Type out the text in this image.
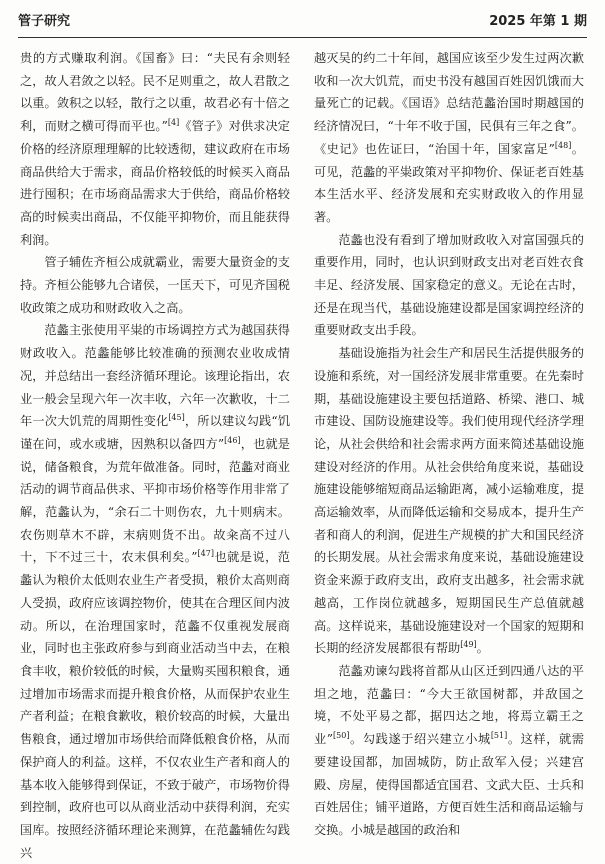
管子研究	2025 年第 1 期

贵的方式赚取利润。《国畜》曰：“夫民有余则轻之，故人君敛之以轻。民不足则重之，故人君散之以重。敛积之以轻，散行之以重，故君必有十倍之利，而财之横可得而平也。”[4]《管子》对供求决定价格的经济原理理解的比较透彻，建议政府在市场商品供给大于需求，商品价格较低的时候买入商品进行囤积；在市场商品需求大于供给，商品价格较高的时候卖出商品，不仅能平抑物价，而且能获得利润。

管子辅佐齐桓公成就霸业，需要大量资金的支持。齐桓公能够九合诸侯，一匡天下，可见齐国税收政策之成功和财政收入之高。

范蠡主张使用平粜的市场调控方式为越国获得财政收入。范蠡能够比较准确的预测农业收成情况，并总结出一套经济循环理论。该理论指出，农业一般会呈现六年一次丰收，六年一次歉收，十二年一次大饥荒的周期性变化[45]，所以建议勾践“饥谨在问，或水或塘，因熟积以备四方”[46]，也就是说，储备粮食，为荒年做准备。同时，范蠡对商业活动的调节商品供求、平抑市场价格等作用非常了解，范蠡认为，“余石二十则伤农，九十则病末。农伤则草木不辟，末病则货不出。故籴高不过八十，下不过三十，农末俱利矣。”[47]也就是说，范蠡认为粮价太低则农业生产者受损，粮价太高则商人受损，政府应该调控物价，使其在合理区间内波动。所以，在治理国家时，范蠡不仅重视发展商业，同时也主张政府参与到商业活动当中去，在粮食丰收，粮价较低的时候，大量购买囤积粮食，通过增加市场需求而提升粮食价格，从而保护农业生产者利益；在粮食歉收，粮价较高的时候，大量出售粮食，通过增加市场供给而降低粮食价格，从而保护商人的利益。这样，不仅农业生产者和商人的基本收入能够得到保证，不致于破产，市场物价得到控制，政府也可以从商业活动中获得利润，充实国库。按照经济循环理论来测算，在范蠡辅佐勾践兴

越灭吴的约二十年间，越国应该至少发生过两次歉收和一次大饥荒，而史书没有越国百姓因饥饿而大量死亡的记载。《国语》总结范蠡治国时期越国的经济情况曰，“十年不收于国，民俱有三年之食”。《史记》也佐证曰，“治国十年，国家富足”[48]。可见，范蠡的平粜政策对平抑物价、保证老百姓基本生活水平、经济发展和充实财政收入的作用显著。

范蠡也没有看到了增加财政收入对富国强兵的重要作用，同时，也认识到财政支出对老百姓衣食丰足、经济发展、国家稳定的意义。无论在古时，还是在现当代，基础设施建设都是国家调控经济的重要财政支出手段。

基础设施指为社会生产和居民生活提供服务的设施和系统，对一国经济发展非常重要。在先秦时期，基础设施建设主要包括道路、桥梁、港口、城市建设、国防设施建设等。我们使用现代经济学理论，从社会供给和社会需求两方面来简述基础设施建设对经济的作用。从社会供给角度来说，基础设施建设能够缩短商品运输距离，减小运输难度，提高运输效率，从而降低运输和交易成本，提升生产者和商人的利润，促进生产规模的扩大和国民经济的长期发展。从社会需求角度来说，基础设施建设资金来源于政府支出，政府支出越多，社会需求就越高，工作岗位就越多，短期国民生产总值就越高。这样说来，基础设施建设对一个国家的短期和长期的经济发展都很有帮助[49]。

范蠡劝谏勾践将首都从山区迁到四通八达的平坦之地，范蠡曰：“今大王欲国树都，并敌国之境，不处平易之都，据四达之地，将焉立霸王之业”[50]。勾践遂于绍兴建立小城[51]。这样，就需要建设国都，加固城防，防止敌军入侵；兴建宫殿、房屋，使得国都适宜国君、文武大臣、士兵和百姓居住；铺平道路，方便百姓生活和商品运输与交换。小城是越国的政治和
